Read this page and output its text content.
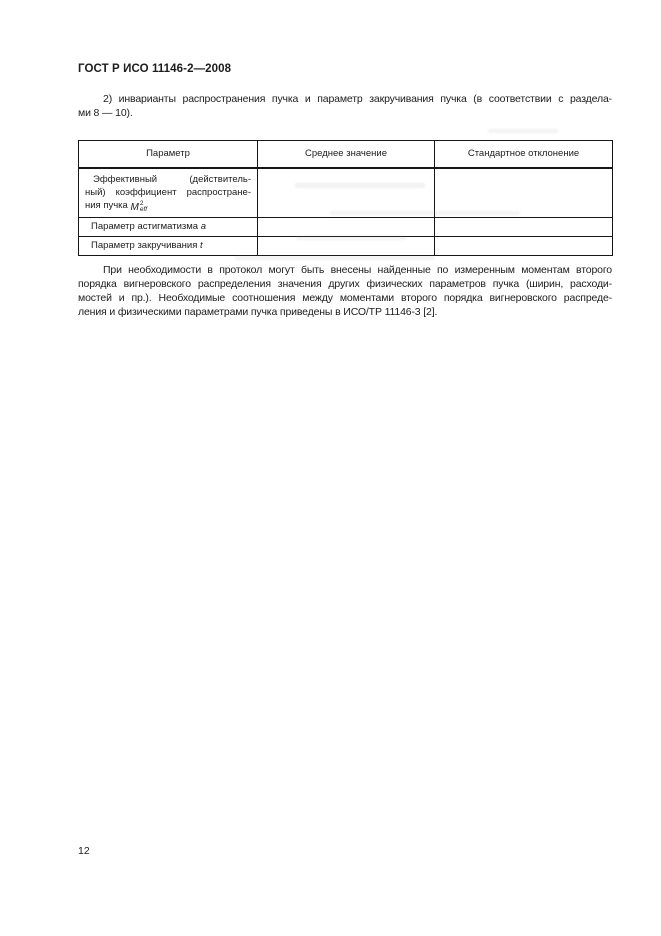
ГОСТ Р ИСО 11146-2—2008
2) инварианты распространения пучка и параметр закручивания пучка (в соответствии с раздела-
ми 8 — 10).
Параметр	Среднее значение	Стандартное отклонение

Эффективный (действитель-
ный) коэффициент распростране-
ния пучка M 2
eff

Параметр астигматизма a		
Параметр закручивания t		
При необходимости в протокол могут быть внесены найденные по измеренным моментам второго
порядка вигнеровского распределения значения других физических параметров пучка (ширин, расходи-
мостей и пр.). Необходимые соотношения между моментами второго порядка вигнеровского распреде-
ления и физическими параметрами пучка приведены в ИСО/ТР 11146-3 [2].
12
